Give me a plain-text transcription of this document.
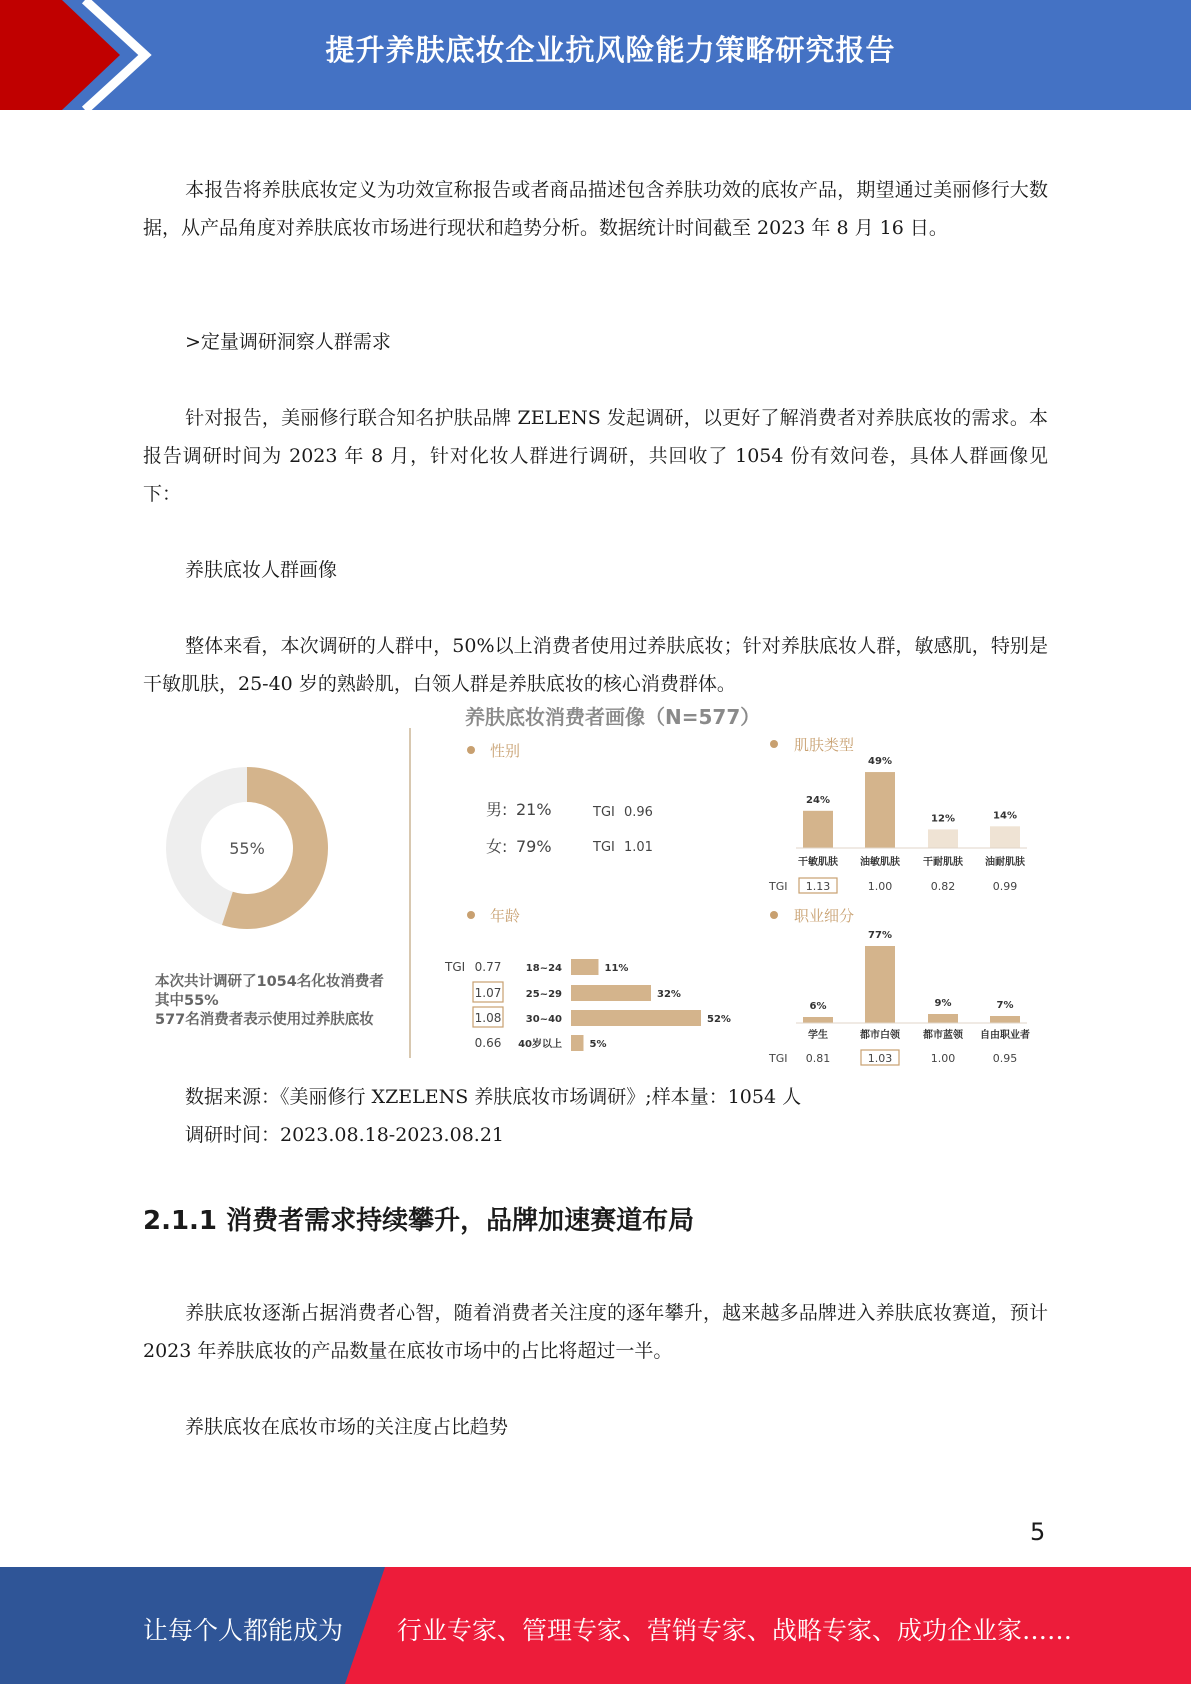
提升养肤底妆企业抗风险能力策略研究报告

本报告将养肤底妆定义为功效宣称报告或者商品描述包含养肤功效的底妆产品，期望通过美丽修行大数据，从产品角度对养肤底妆市场进行现状和趋势分析。数据统计时间截至 2023 年 8 月 16 日。

>定量调研洞察人群需求

针对报告，美丽修行联合知名护肤品牌 ZELENS 发起调研，以更好了解消费者对养肤底妆的需求。本报告调研时间为 2023 年 8 月，针对化妆人群进行调研，共回收了 1054 份有效问卷，具体人群画像见下：

养肤底妆人群画像

整体来看，本次调研的人群中，50%以上消费者使用过养肤底妆；针对养肤底妆人群，敏感肌，特别是干敏肌肤，25-40 岁的熟龄肌，白领人群是养肤底妆的核心消费群体。

养肤底妆消费者画像（N=577）
55%
本次共计调研了1054名化妆消费者
其中55%
577名消费者表示使用过养肤底妆
性别
男: 21%	TGI 0.96
女: 79%	TGI 1.01
肌肤类型
TGI
24%
干敏肌肤
1.13
49%
油敏肌肤
1.00
12%
干耐肌肤
0.82
14%
油耐肌肤
0.99
年龄
TGI	11%
18~24
0.77
32%
25~29
1.07
52%
30~40
1.08
5%
40岁以上
0.66
职业细分
TGI
6%
学生
0.81
77%
都市白领
1.03
9%
都市蓝领
1.00
7%
自由职业者
0.95

数据来源：《美丽修行 XZELENS 养肤底妆市场调研》;样本量：1054 人

调研时间：2023.08.18-2023.08.21

2.1.1 消费者需求持续攀升，品牌加速赛道布局

养肤底妆逐渐占据消费者心智，随着消费者关注度的逐年攀升，越来越多品牌进入养肤底妆赛道，预计 2023 年养肤底妆的产品数量在底妆市场中的占比将超过一半。

养肤底妆在底妆市场的关注度占比趋势

5
让每个人都能成为 行业专家、管理专家、营销专家、战略专家、成功企业家……
